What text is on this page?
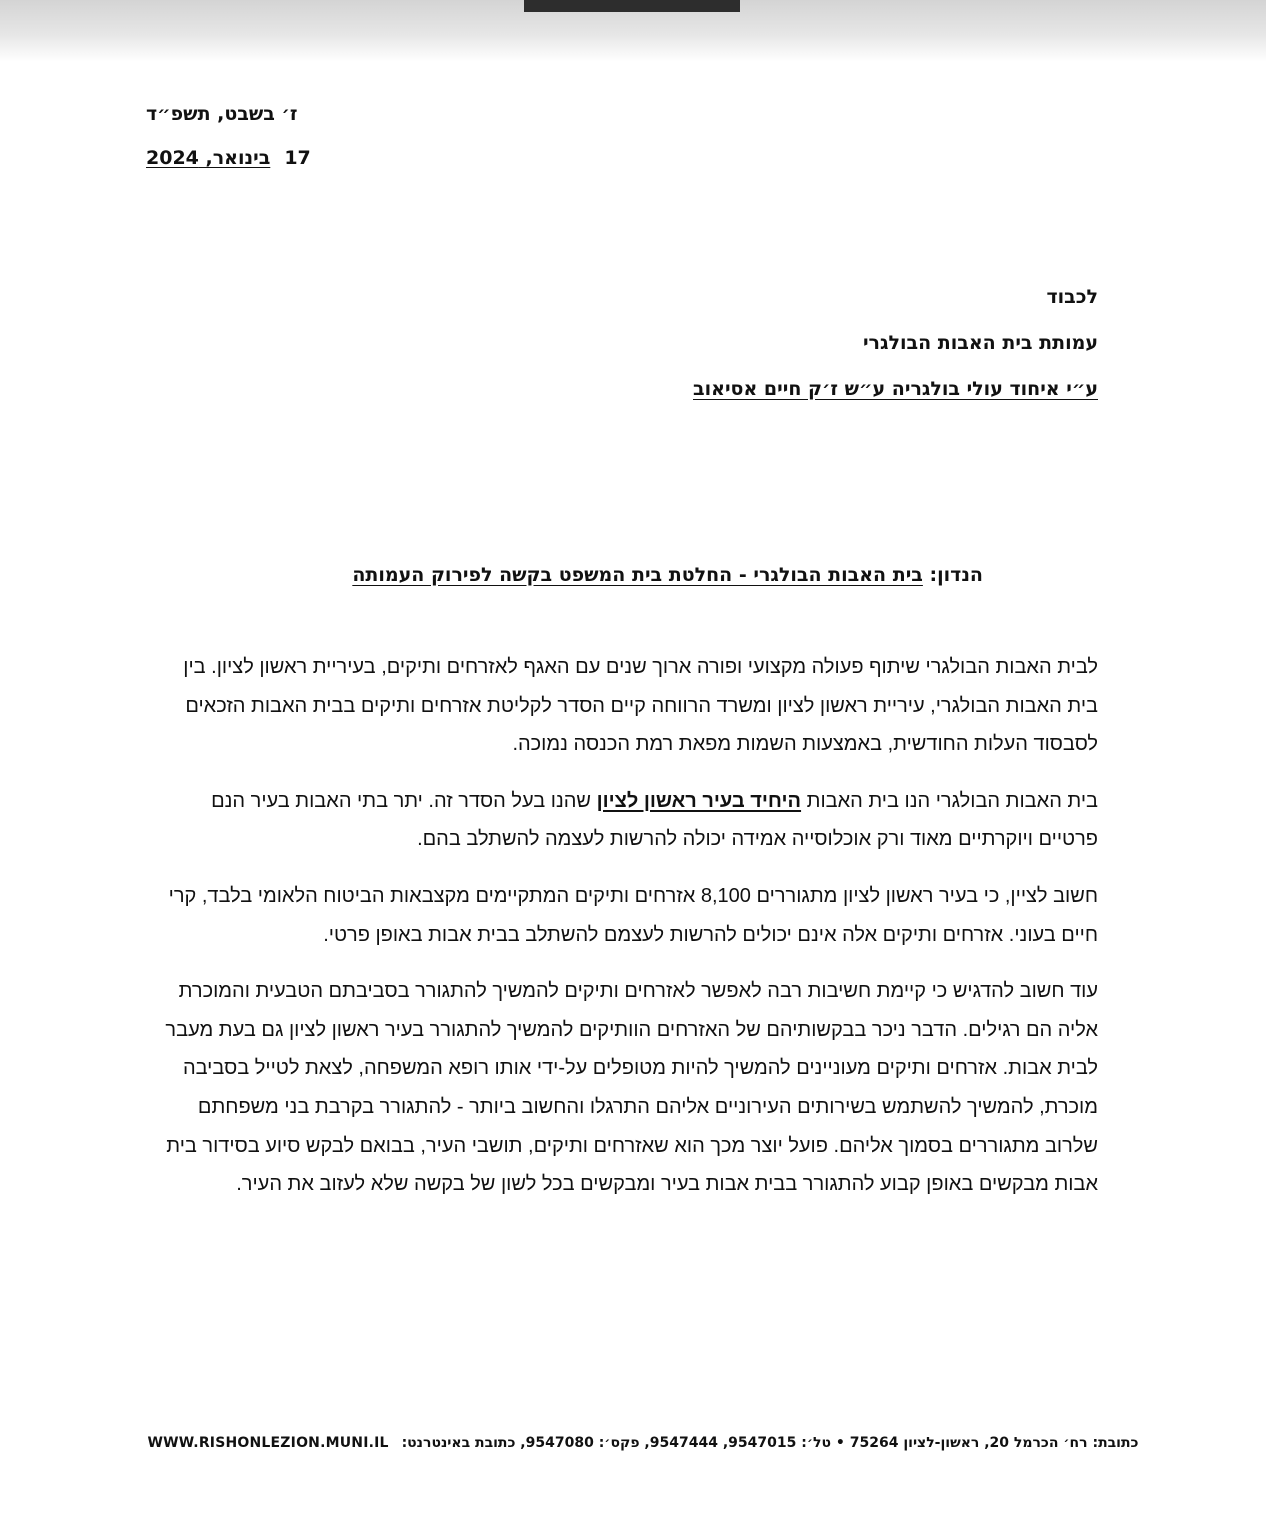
ז׳ בשבט, תשפ״ד
17בינואר, 2024
לכבוד
עמותת בית האבות הבולגרי
ע״י איחוד עולי בולגריה ע״ש ז׳ק חיים אסיאוב
הנדון: בית האבות הבולגרי - החלטת בית המשפט בקשה לפירוק העמותה

לבית האבות הבולגרי שיתוף פעולה מקצועי ופורה ארוך שנים עם האגף לאזרחים ותיקים, בעיריית ראשון לציון. בין בית האבות הבולגרי, עיריית ראשון לציון ומשרד הרווחה קיים הסדר לקליטת אזרחים ותיקים בבית האבות הזכאים לסבסוד העלות החודשית, באמצעות השמות מפאת רמת הכנסה נמוכה.

בית האבות הבולגרי הנו בית האבות היחיד בעיר ראשון לציון שהנו בעל הסדר זה. יתר בתי האבות בעיר הנם פרטיים ויוקרתיים מאוד ורק אוכלוסייה אמידה יכולה להרשות לעצמה להשתלב בהם.

חשוב לציין, כי בעיר ראשון לציון מתגוררים 8,100 אזרחים ותיקים המתקיימים מקצבאות הביטוח הלאומי בלבד, קרי חיים בעוני. אזרחים ותיקים אלה אינם יכולים להרשות לעצמם להשתלב בבית אבות באופן פרטי.

עוד חשוב להדגיש כי קיימת חשיבות רבה לאפשר לאזרחים ותיקים להמשיך להתגורר בסביבתם הטבעית והמוכרת אליה הם רגילים. הדבר ניכר בבקשותיהם של האזרחים הוותיקים להמשיך להתגורר בעיר ראשון לציון גם בעת מעבר לבית אבות. אזרחים ותיקים מעוניינים להמשיך להיות מטופלים על-ידי אותו רופא המשפחה, לצאת לטייל בסביבה מוכרת, להמשיך להשתמש בשירותים העירוניים אליהם התרגלו והחשוב ביותר - להתגורר בקרבת בני משפחתם שלרוב מתגוררים בסמוך אליהם. פועל יוצר מכך הוא שאזרחים ותיקים, תושבי העיר, בבואם לבקש סיוע בסידור בית אבות מבקשים באופן קבוע להתגורר בבית אבות בעיר ומבקשים בכל לשון של בקשה שלא לעזוב את העיר.

WWW.RISHONLEZION.MUNI.IL כתובת: רח׳ הכרמל 20, ראשון-לציון 75264 • טל׳: 9547015, 9547444, פקס׳: 9547080, כתובת באינטרנט:
